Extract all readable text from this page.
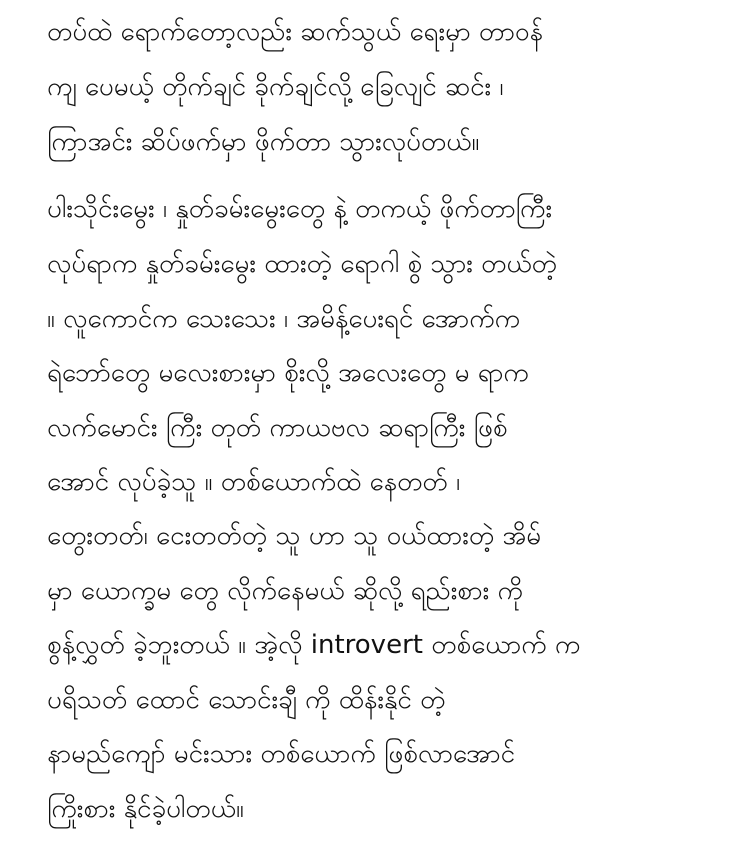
တပ်ထဲ ရောက်တော့လည်း ဆက်သွယ် ရေးမှာ တာဝန်
ကျ ပေမယ့် တိုက်ချင် ခိုက်ချင်လို့ ခြေလျင် ဆင်း ၊
ကြာအင်း ဆိပ်ဖက်မှာ ဖိုက်တာ သွားလုပ်တယ်။
ပါးသိုင်းမွေး ၊ နှုတ်ခမ်းမွေးတွေ နဲ့ တကယ့် ဖိုက်တာကြီး
လုပ်ရာက နှုတ်ခမ်းမွေး ထားတဲ့ ရောဂါ စွဲ သွား တယ်တဲ့
။ လူကောင်က သေးသေး ၊ အမိန့်ပေးရင် အောက်က
ရဲဘော်တွေ မလေးစားမှာ စိုးလို့ အလေးတွေ မ ရာက
လက်မောင်း ကြီး တုတ် ကာယဗလ ဆရာကြီး ဖြစ်
အောင် လုပ်ခဲ့သူ ။ တစ်ယောက်ထဲ နေတတ် ၊
တွေးတတ်၊ ငေးတတ်တဲ့ သူ ဟာ သူ ဝယ်ထားတဲ့ အိမ်
မှာ ယောက္ခမ တွေ လိုက်နေမယ် ဆိုလို့ ရည်းစား ကို
စွန့်လွှတ် ခဲ့ဘူးတယ် ။ အဲ့လို introvert တစ်ယောက် က
ပရိသတ် ထောင် သောင်းချီ ကို ထိန်းနိုင် တဲ့
နာမည်ကျော် မင်းသား တစ်ယောက် ဖြစ်လာအောင်
ကြိုးစား နိုင်ခဲ့ပါတယ်။
